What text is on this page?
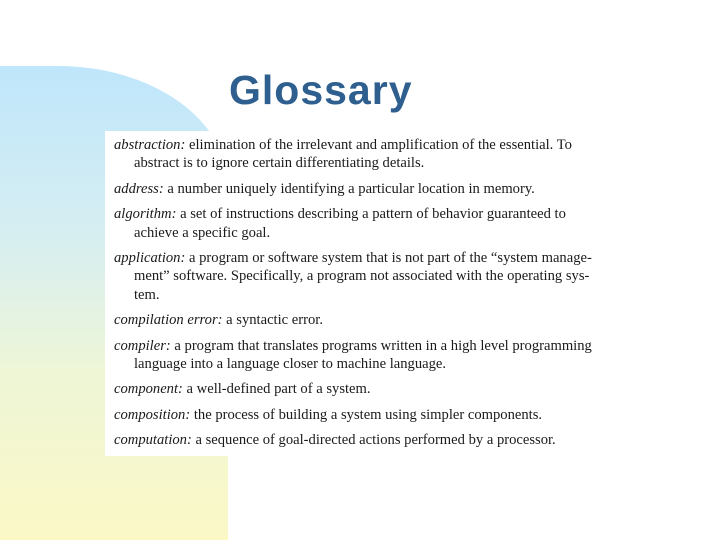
Glossary
abstraction: elimination of the irrelevant and amplification of the essential. To
abstract is to ignore certain differentiating details.
address: a number uniquely identifying a particular location in memory.
algorithm: a set of instructions describing a pattern of behavior guaranteed to
achieve a specific goal.
application: a program or software system that is not part of the “system manage-
ment” software. Specifically, a program not associated with the operating sys-
tem.
compilation error: a syntactic error.
compiler: a program that translates programs written in a high level programming
language into a language closer to machine language.
component: a well-defined part of a system.
composition: the process of building a system using simpler components.
computation: a sequence of goal-directed actions performed by a processor.
